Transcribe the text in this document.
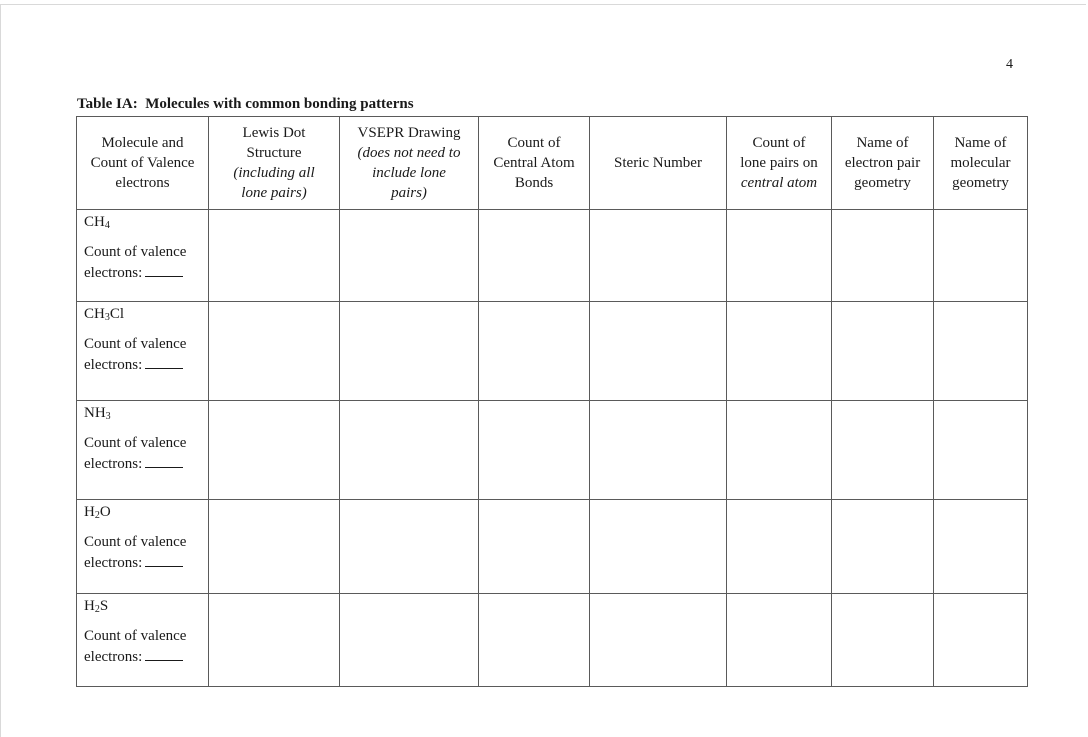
4
Table IA:  Molecules with common bonding patterns
Molecule and
Count of Valence
electrons	Lewis Dot
Structure
(including all
lone pairs)	VSEPR Drawing
(does not need to
include lone
pairs)	Count of
Central Atom
Bonds	Steric Number	Count of
lone pairs on
central atom	Name of
electron pair
geometry	Name of
molecular
geometry

$CH_4$
Count of valence
electrons:							

$CH_3Cl$
Count of valence
electrons:							

$NH_3$
Count of valence
electrons:							

$H_2O$
Count of valence
electrons:							

$H_2S$
Count of valence
electrons:							
